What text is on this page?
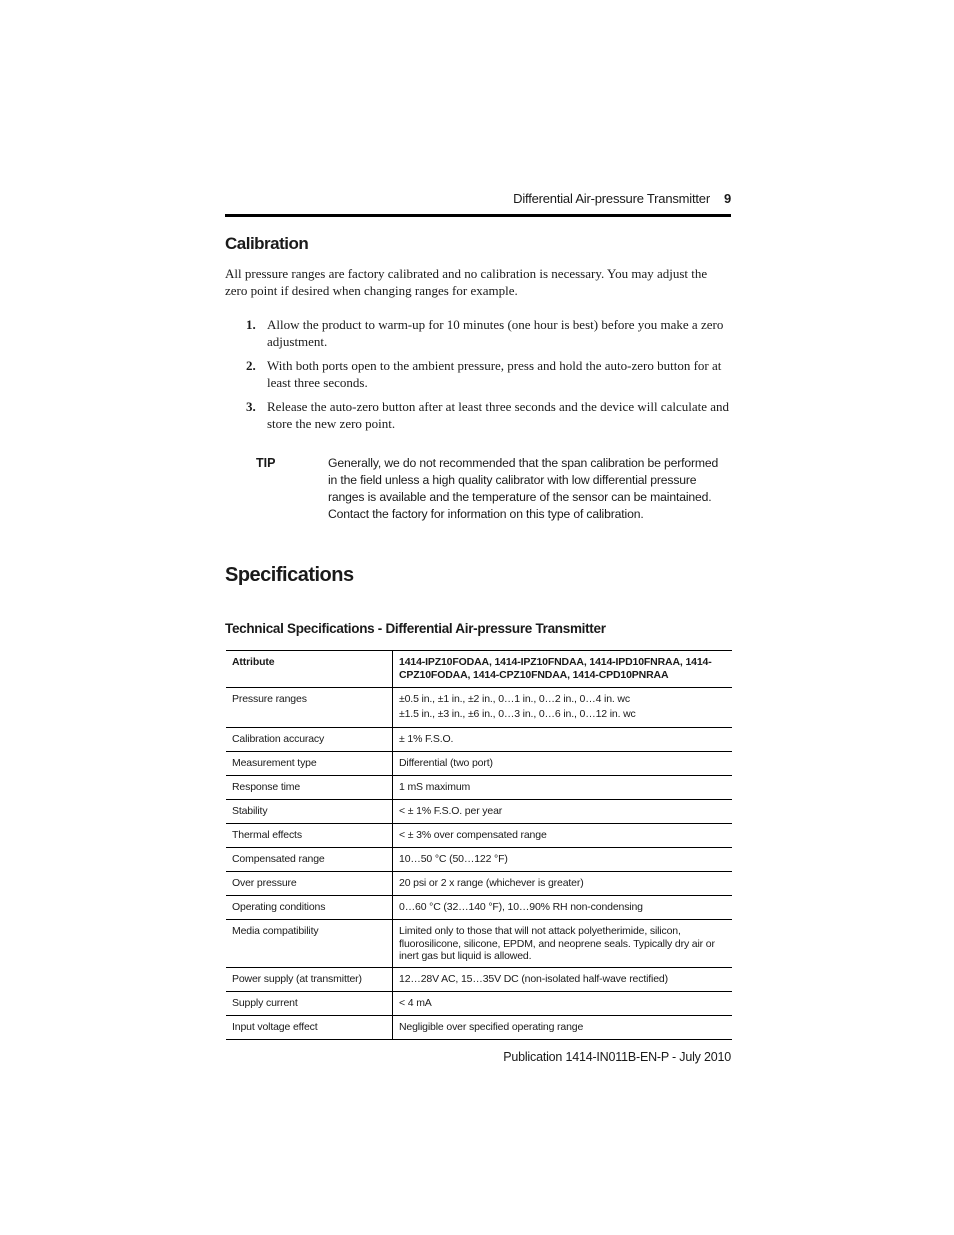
Differential Air-pressure Transmitter 9
Calibration

All pressure ranges are factory calibrated and no calibration is necessary. You may adjust the zero point if desired when changing ranges for example.

1. Allow the product to warm-up for 10 minutes (one hour is best) before you make a zero adjustment.
2. With both ports open to the ambient pressure, press and hold the auto-zero button for at least three seconds.
3. Release the auto-zero button after at least three seconds and the device will calculate and store the new zero point.
TIP	Generally, we do not recommended that the span calibration be performed in the field unless a high quality calibrator with low differential pressure ranges is available and the temperature of the sensor can be maintained. Contact the factory for information on this type of calibration.
Specifications
Technical Specifications - Differential Air-pressure Transmitter
Attribute	1414-IPZ10FODAA, 1414-IPZ10FNDAA, 1414-IPD10FNRAA, 1414-CPZ10FODAA, 1414-CPZ10FNDAA, 1414-CPD10PNRAA
Pressure ranges	±0.5 in., ±1 in., ±2 in., 0…1 in., 0…2 in., 0…4 in. wc
±1.5 in., ±3 in., ±6 in., 0…3 in., 0…6 in., 0…12 in. wc

Calibration accuracy	± 1% F.S.O.
Measurement type	Differential (two port)
Response time	1 mS maximum
Stability	< ± 1% F.S.O. per year
Thermal effects	< ± 3% over compensated range
Compensated range	10…50 °C (50…122 °F)
Over pressure	20 psi or 2 x range (whichever is greater)
Operating conditions	0…60 °C (32…140 °F), 10…90% RH non-condensing
Media compatibility	Limited only to those that will not attack polyetherimide, silicon, fluorosilicone, silicone, EPDM, and neoprene seals. Typically dry air or inert gas but liquid is allowed.
Power supply (at transmitter)	12…28V AC, 15…35V DC (non-isolated half-wave rectified)
Supply current	< 4 mA
Input voltage effect	Negligible over specified operating range
Publication 1414-IN011B-EN-P - July 2010
